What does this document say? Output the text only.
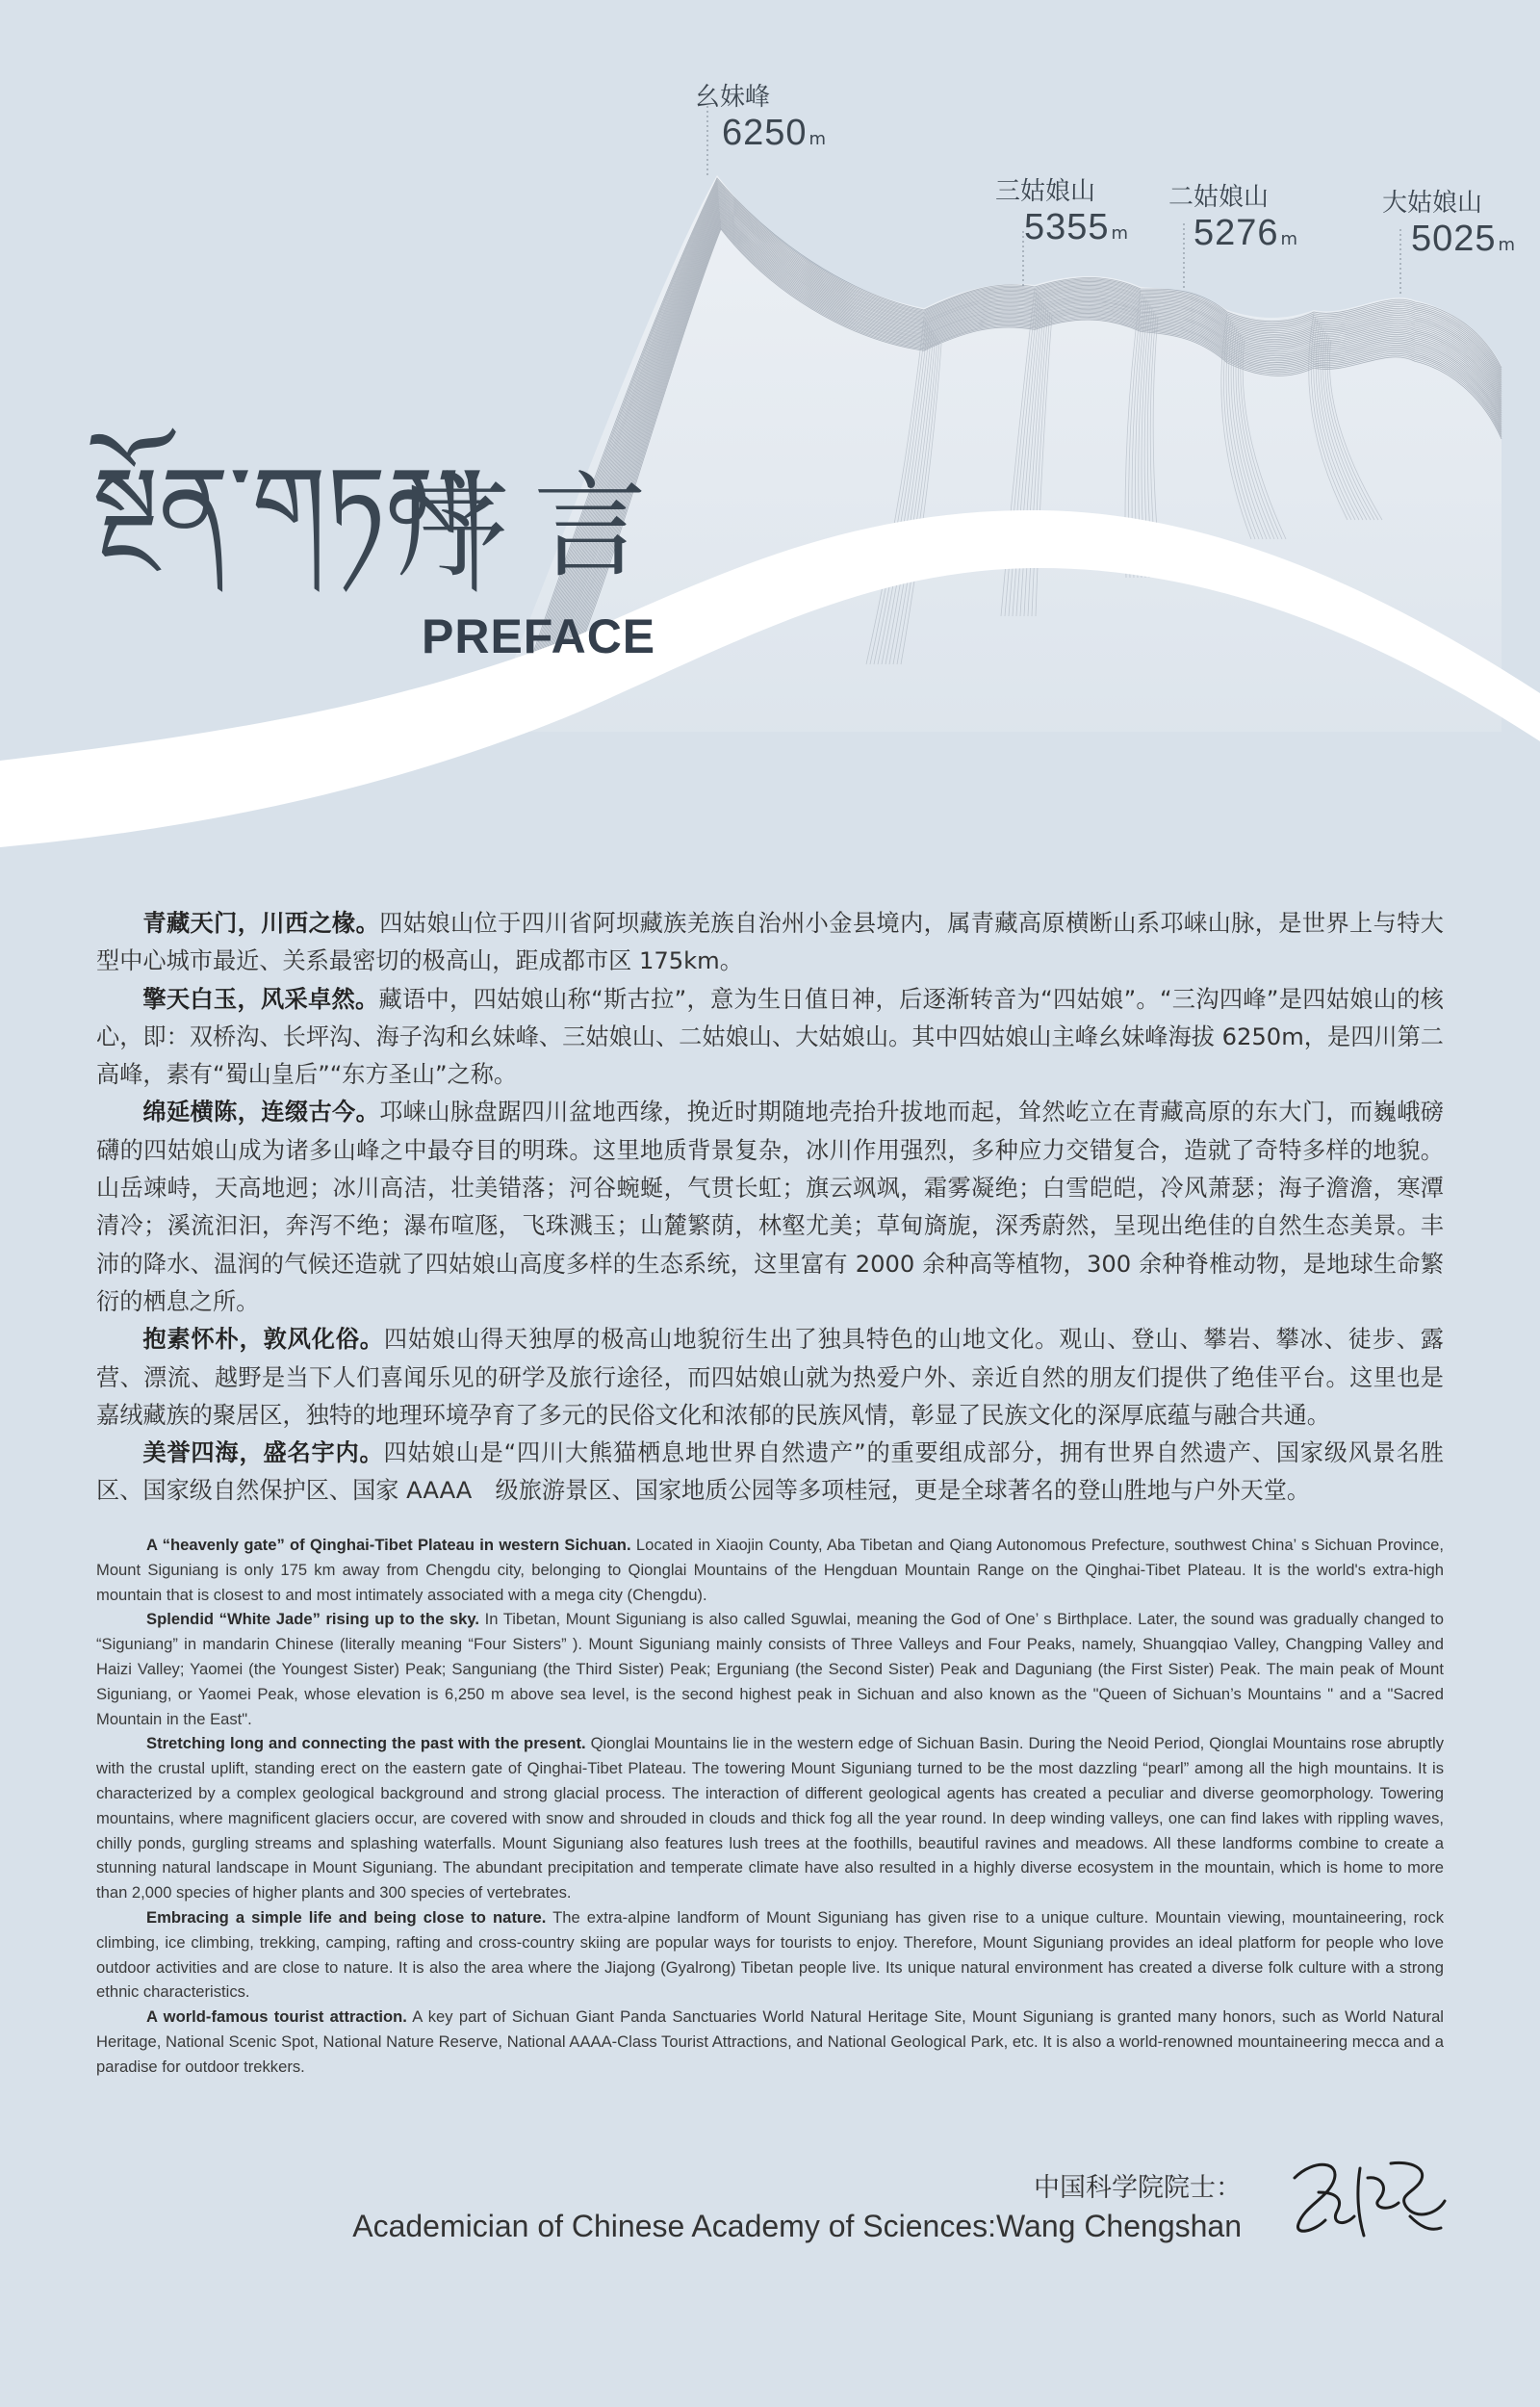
幺妹峰
6250 m
三姑娘山
5355 m
二姑娘山
5276 m
大姑娘山
5025 m
སྔོན་གཏམ།
序言
PREFACE

青藏天门，川西之椽。四姑娘山位于四川省阿坝藏族羌族自治州小金县境内，属青藏高原横断山系邛崃山脉，是世界上与特大型中心城市最近、关系最密切的极高山，距成都市区 175km。

擎天白玉，风采卓然。藏语中，四姑娘山称“斯古拉”，意为生日值日神，后逐渐转音为“四姑娘”。“三沟四峰”是四姑娘山的核心，即：双桥沟、长坪沟、海子沟和幺妹峰、三姑娘山、二姑娘山、大姑娘山。其中四姑娘山主峰幺妹峰海拔 6250m，是四川第二高峰，素有“蜀山皇后”“东方圣山”之称。

绵延横陈，连缀古今。邛崃山脉盘踞四川盆地西缘，挽近时期随地壳抬升拔地而起，耸然屹立在青藏高原的东大门，而巍峨磅礴的四姑娘山成为诸多山峰之中最夺目的明珠。这里地质背景复杂，冰川作用强烈，多种应力交错复合，造就了奇特多样的地貌。山岳竦峙，天高地迥；冰川高洁，壮美错落；河谷蜿蜒，气贯长虹；旗云飒飒，霜雾凝绝；白雪皑皑，冷风萧瑟；海子澹澹，寒潭清冷；溪流汩汩，奔泻不绝；瀑布喧豗，飞珠溅玉；山麓繁荫，林壑尤美；草甸旖旎，深秀蔚然，呈现出绝佳的自然生态美景。丰沛的降水、温润的气候还造就了四姑娘山高度多样的生态系统，这里富有 2000 余种高等植物，300 余种脊椎动物，是地球生命繁衍的栖息之所。

抱素怀朴，敦风化俗。四姑娘山得天独厚的极高山地貌衍生出了独具特色的山地文化。观山、登山、攀岩、攀冰、徒步、露营、漂流、越野是当下人们喜闻乐见的研学及旅行途径，而四姑娘山就为热爱户外、亲近自然的朋友们提供了绝佳平台。这里也是嘉绒藏族的聚居区，独特的地理环境孕育了多元的民俗文化和浓郁的民族风情，彰显了民族文化的深厚底蕴与融合共通。

美誉四海，盛名宇内。四姑娘山是“四川大熊猫栖息地世界自然遗产”的重要组成部分，拥有世界自然遗产、国家级风景名胜区、国家级自然保护区、国家 AAAA　级旅游景区、国家地质公园等多项桂冠，更是全球著名的登山胜地与户外天堂。

A “heavenly gate” of Qinghai-Tibet Plateau in western Sichuan. Located in Xiaojin County, Aba Tibetan and Qiang Autonomous Prefecture, southwest China’ s Sichuan Province, Mount Siguniang is only 175 km away from Chengdu city, belonging to Qionglai Mountains of the Hengduan Mountain Range on the Qinghai-Tibet Plateau. It is the world's extra-high mountain that is closest to and most intimately associated with a mega city (Chengdu).

Splendid “White Jade” rising up to the sky. In Tibetan, Mount Siguniang is also called Sguwlai, meaning the God of One’ s Birthplace. Later, the sound was gradually changed to “Siguniang” in mandarin Chinese (literally meaning “Four Sisters” ). Mount Siguniang mainly consists of Three Valleys and Four Peaks, namely, Shuangqiao Valley, Changping Valley and Haizi Valley; Yaomei (the Youngest Sister) Peak; Sanguniang (the Third Sister) Peak; Erguniang (the Second Sister) Peak and Daguniang (the First Sister) Peak. The main peak of Mount Siguniang, or Yaomei Peak, whose elevation is 6,250 m above sea level, is the second highest peak in Sichuan and also known as the "Queen of Sichuan’s Mountains " and a "Sacred Mountain in the East".

Stretching long and connecting the past with the present. Qionglai Mountains lie in the western edge of Sichuan Basin. During the Neoid Period, Qionglai Mountains rose abruptly with the crustal uplift, standing erect on the eastern gate of Qinghai-Tibet Plateau. The towering Mount Siguniang turned to be the most dazzling “pearl” among all the high mountains. It is characterized by a complex geological background and strong glacial process. The interaction of different geological agents has created a peculiar and diverse geomorphology. Towering mountains, where magnificent glaciers occur, are covered with snow and shrouded in clouds and thick fog all the year round. In deep winding valleys, one can find lakes with rippling waves, chilly ponds, gurgling streams and splashing waterfalls. Mount Siguniang also features lush trees at the foothills, beautiful ravines and meadows. All these landforms combine to create a stunning natural landscape in Mount Siguniang. The abundant precipitation and temperate climate have also resulted in a highly diverse ecosystem in the mountain, which is home to more than 2,000 species of higher plants and 300 species of vertebrates.

Embracing a simple life and being close to nature. The extra-alpine landform of Mount Siguniang has given rise to a unique culture. Mountain viewing, mountaineering, rock climbing, ice climbing, trekking, camping, rafting and cross-country skiing are popular ways for tourists to enjoy. Therefore, Mount Siguniang provides an ideal platform for people who love outdoor activities and are close to nature. It is also the area where the Jiajong (Gyalrong) Tibetan people live. Its unique natural environment has created a diverse folk culture with a strong ethnic characteristics.

A world-famous tourist attraction. A key part of Sichuan Giant Panda Sanctuaries World Natural Heritage Site, Mount Siguniang is granted many honors, such as World Natural Heritage, National Scenic Spot, National Nature Reserve, National AAAA-Class Tourist Attractions, and National Geological Park, etc. It is also a world-renowned mountaineering mecca and a paradise for outdoor trekkers.

中国科学院院士：
Academician of Chinese Academy of Sciences:Wang Chengshan
